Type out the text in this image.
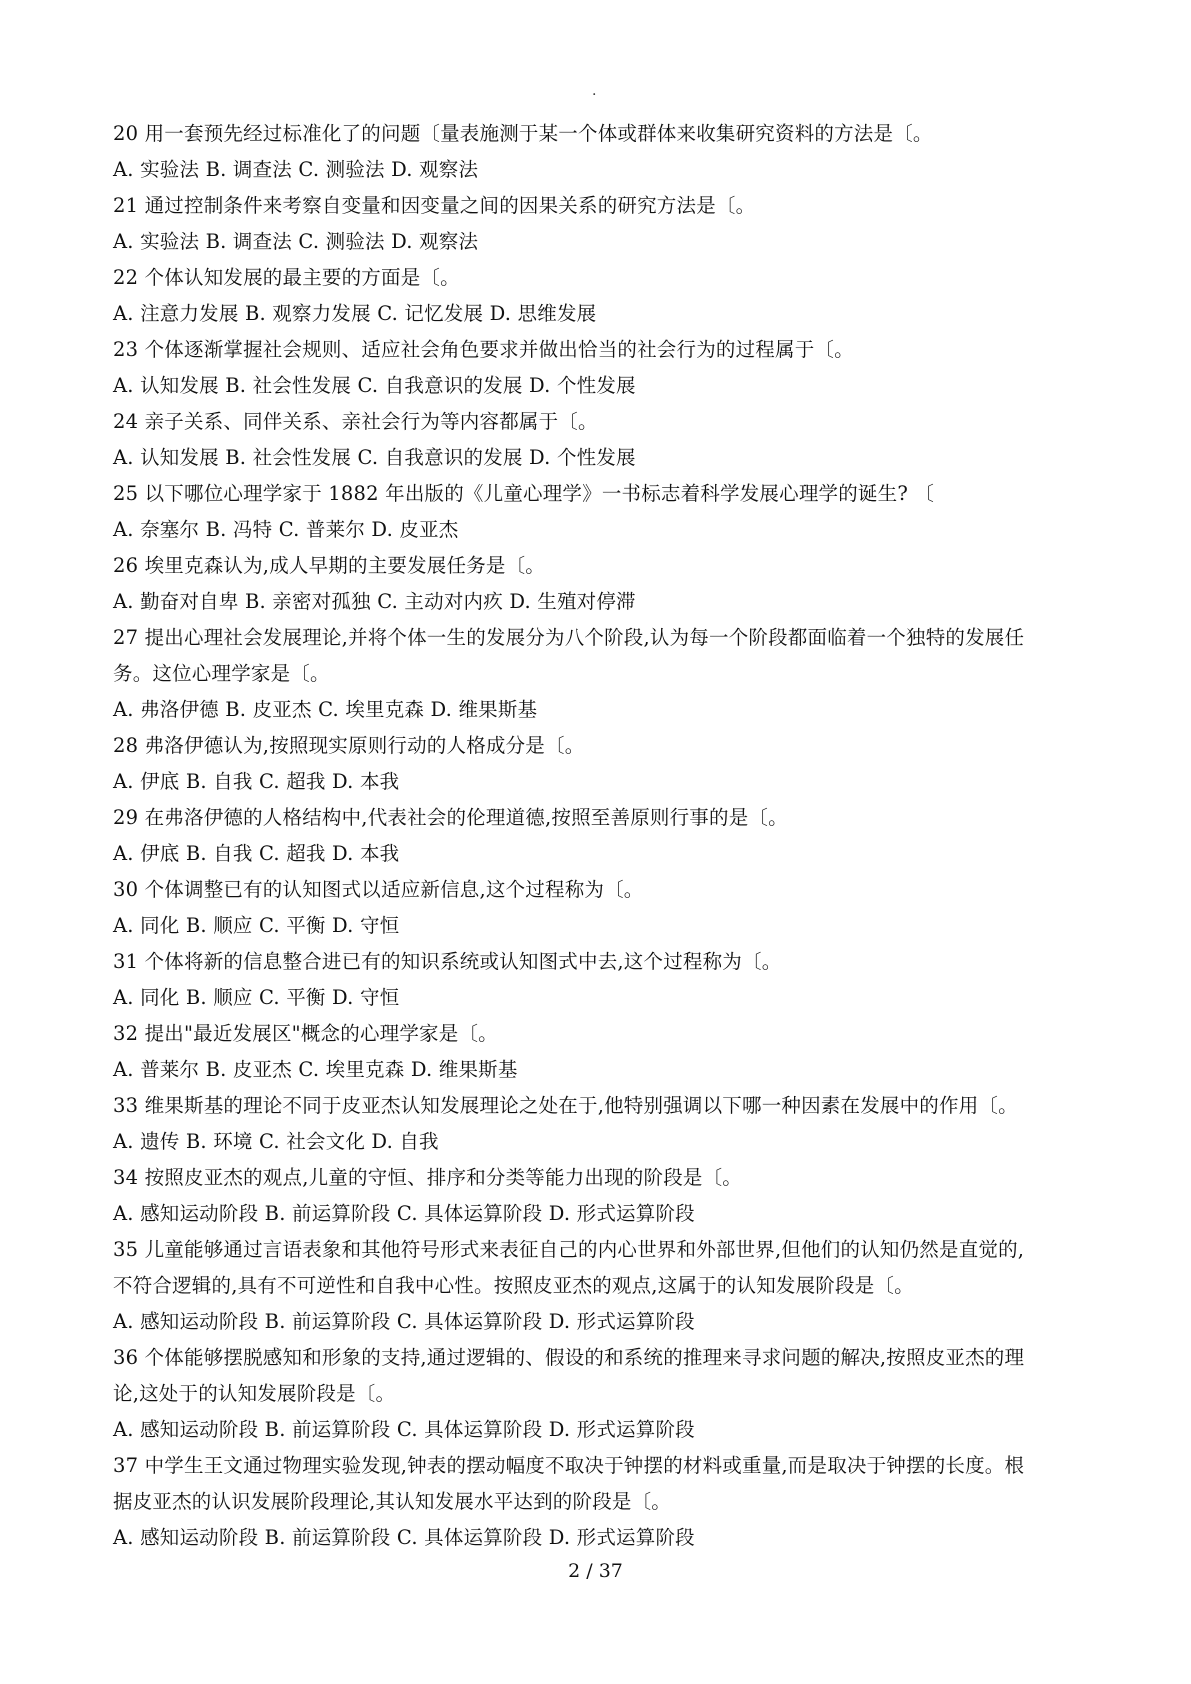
.
20 用一套预先经过标准化了的问题〔量表施测于某一个体或群体来收集研究资料的方法是〔。
A. 实验法 B. 调查法 C. 测验法 D. 观察法
21 通过控制条件来考察自变量和因变量之间的因果关系的研究方法是〔。
A. 实验法 B. 调查法 C. 测验法 D. 观察法
22 个体认知发展的最主要的方面是〔。
A. 注意力发展 B. 观察力发展 C. 记忆发展 D. 思维发展
23 个体逐渐掌握社会规则、适应社会角色要求并做出恰当的社会行为的过程属于〔。
A. 认知发展 B. 社会性发展 C. 自我意识的发展 D. 个性发展
24 亲子关系、同伴关系、亲社会行为等内容都属于〔。
A. 认知发展 B. 社会性发展 C. 自我意识的发展 D. 个性发展
25 以下哪位心理学家于 1882 年出版的《儿童心理学》一书标志着科学发展心理学的诞生? 〔
A. 奈塞尔 B. 冯特 C. 普莱尔 D. 皮亚杰
26 埃里克森认为,成人早期的主要发展任务是〔。
A. 勤奋对自卑 B. 亲密对孤独 C. 主动对内疚 D. 生殖对停滞
27 提出心理社会发展理论,并将个体一生的发展分为八个阶段,认为每一个阶段都面临着一个独特的发展任
务。这位心理学家是〔。
A. 弗洛伊德 B. 皮亚杰 C. 埃里克森 D. 维果斯基
28 弗洛伊德认为,按照现实原则行动的人格成分是〔。
A. 伊底 B. 自我 C. 超我 D. 本我
29 在弗洛伊德的人格结构中,代表社会的伦理道德,按照至善原则行事的是〔。
A. 伊底 B. 自我 C. 超我 D. 本我
30 个体调整已有的认知图式以适应新信息,这个过程称为〔。
A. 同化 B. 顺应 C. 平衡 D. 守恒
31 个体将新的信息整合进已有的知识系统或认知图式中去,这个过程称为〔。
A. 同化 B. 顺应 C. 平衡 D. 守恒
32 提出"最近发展区"概念的心理学家是〔。
A. 普莱尔 B. 皮亚杰 C. 埃里克森 D. 维果斯基
33 维果斯基的理论不同于皮亚杰认知发展理论之处在于,他特别强调以下哪一种因素在发展中的作用〔。
A. 遗传 B. 环境 C. 社会文化 D. 自我
34 按照皮亚杰的观点,儿童的守恒、排序和分类等能力出现的阶段是〔。
A. 感知运动阶段 B. 前运算阶段 C. 具体运算阶段 D. 形式运算阶段
35 儿童能够通过言语表象和其他符号形式来表征自己的内心世界和外部世界,但他们的认知仍然是直觉的,
不符合逻辑的,具有不可逆性和自我中心性。按照皮亚杰的观点,这属于的认知发展阶段是〔。
A. 感知运动阶段 B. 前运算阶段 C. 具体运算阶段 D. 形式运算阶段
36 个体能够摆脱感知和形象的支持,通过逻辑的、假设的和系统的推理来寻求问题的解决,按照皮亚杰的理
论,这处于的认知发展阶段是〔。
A. 感知运动阶段 B. 前运算阶段 C. 具体运算阶段 D. 形式运算阶段
37 中学生王文通过物理实验发现,钟表的摆动幅度不取决于钟摆的材料或重量,而是取决于钟摆的长度。根
据皮亚杰的认识发展阶段理论,其认知发展水平达到的阶段是〔。
A. 感知运动阶段 B. 前运算阶段 C. 具体运算阶段 D. 形式运算阶段
2 / 37
